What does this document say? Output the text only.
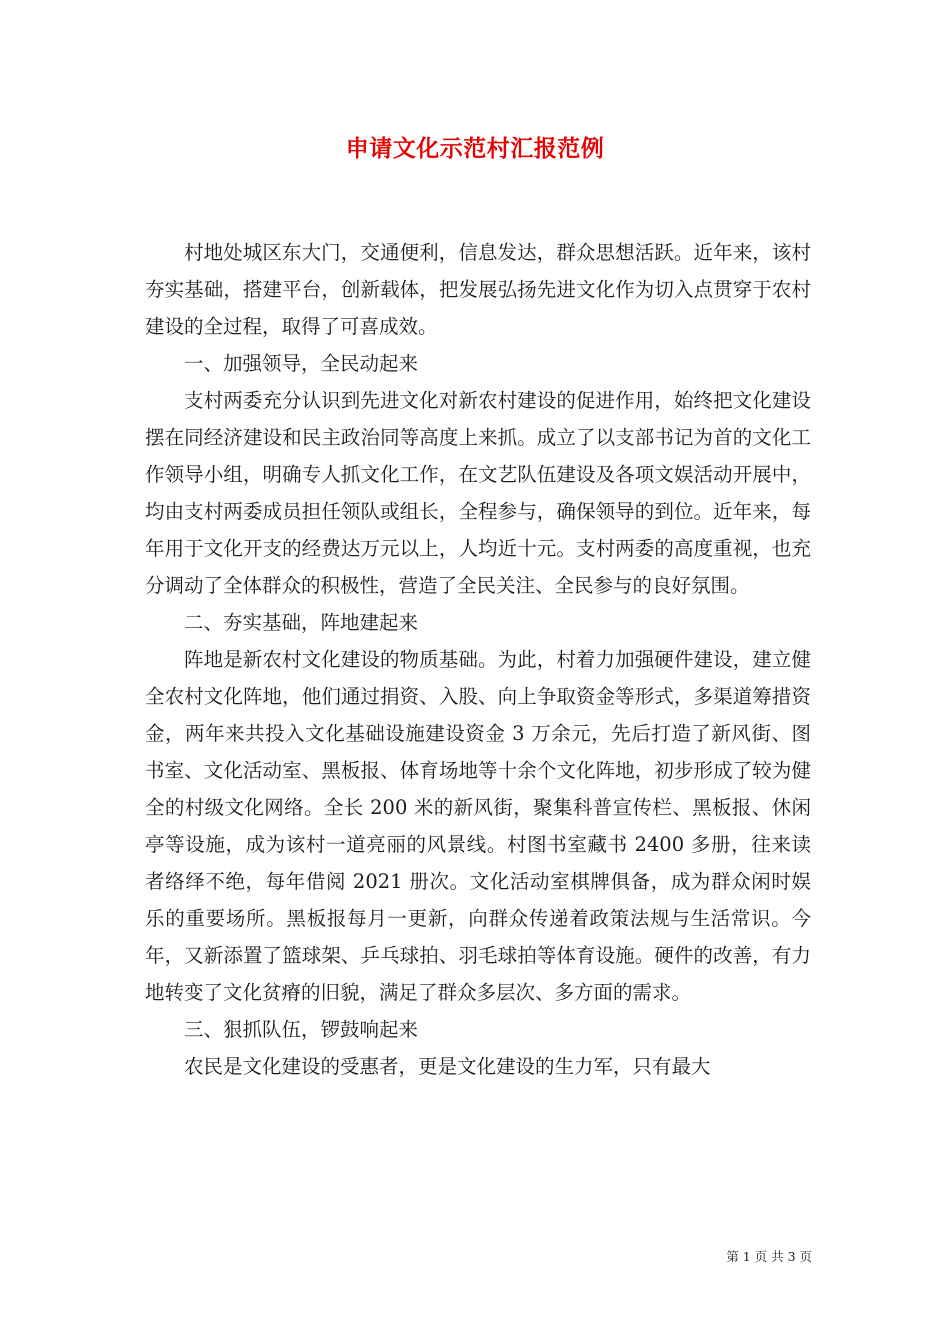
申请文化示范村汇报范例

村地处城区东大门，交通便利，信息发达，群众思想活跃。近年来，该村夯实基础，搭建平台，创新载体，把发展弘扬先进文化作为切入点贯穿于农村建设的全过程，取得了可喜成效。

一、加强领导，全民动起来

支村两委充分认识到先进文化对新农村建设的促进作用，始终把文化建设摆在同经济建设和民主政治同等高度上来抓。成立了以支部书记为首的文化工作领导小组，明确专人抓文化工作，在文艺队伍建设及各项文娱活动开展中，均由支村两委成员担任领队或组长，全程参与，确保领导的到位。近年来，每年用于文化开支的经费达万元以上，人均近十元。支村两委的高度重视，也充分调动了全体群众的积极性，营造了全民关注、全民参与的良好氛围。

二、夯实基础，阵地建起来

阵地是新农村文化建设的物质基础。为此，村着力加强硬件建设，建立健全农村文化阵地，他们通过捐资、入股、向上争取资金等形式，多渠道筹措资金，两年来共投入文化基础设施建设资金 3 万余元，先后打造了新风街、图书室、文化活动室、黑板报、体育场地等十余个文化阵地，初步形成了较为健全的村级文化网络。全长 200 米的新风街，聚集科普宣传栏、黑板报、休闲亭等设施，成为该村一道亮丽的风景线。村图书室藏书 2400 多册，往来读者络绎不绝，每年借阅 2021 册次。文化活动室棋牌俱备，成为群众闲时娱乐的重要场所。黑板报每月一更新，向群众传递着政策法规与生活常识。今年，又新添置了篮球架、乒乓球拍、羽毛球拍等体育设施。硬件的改善，有力地转变了文化贫瘠的旧貌，满足了群众多层次、多方面的需求。

三、狠抓队伍，锣鼓响起来

农民是文化建设的受惠者，更是文化建设的生力军，只有最大

第 1 页 共 3 页
